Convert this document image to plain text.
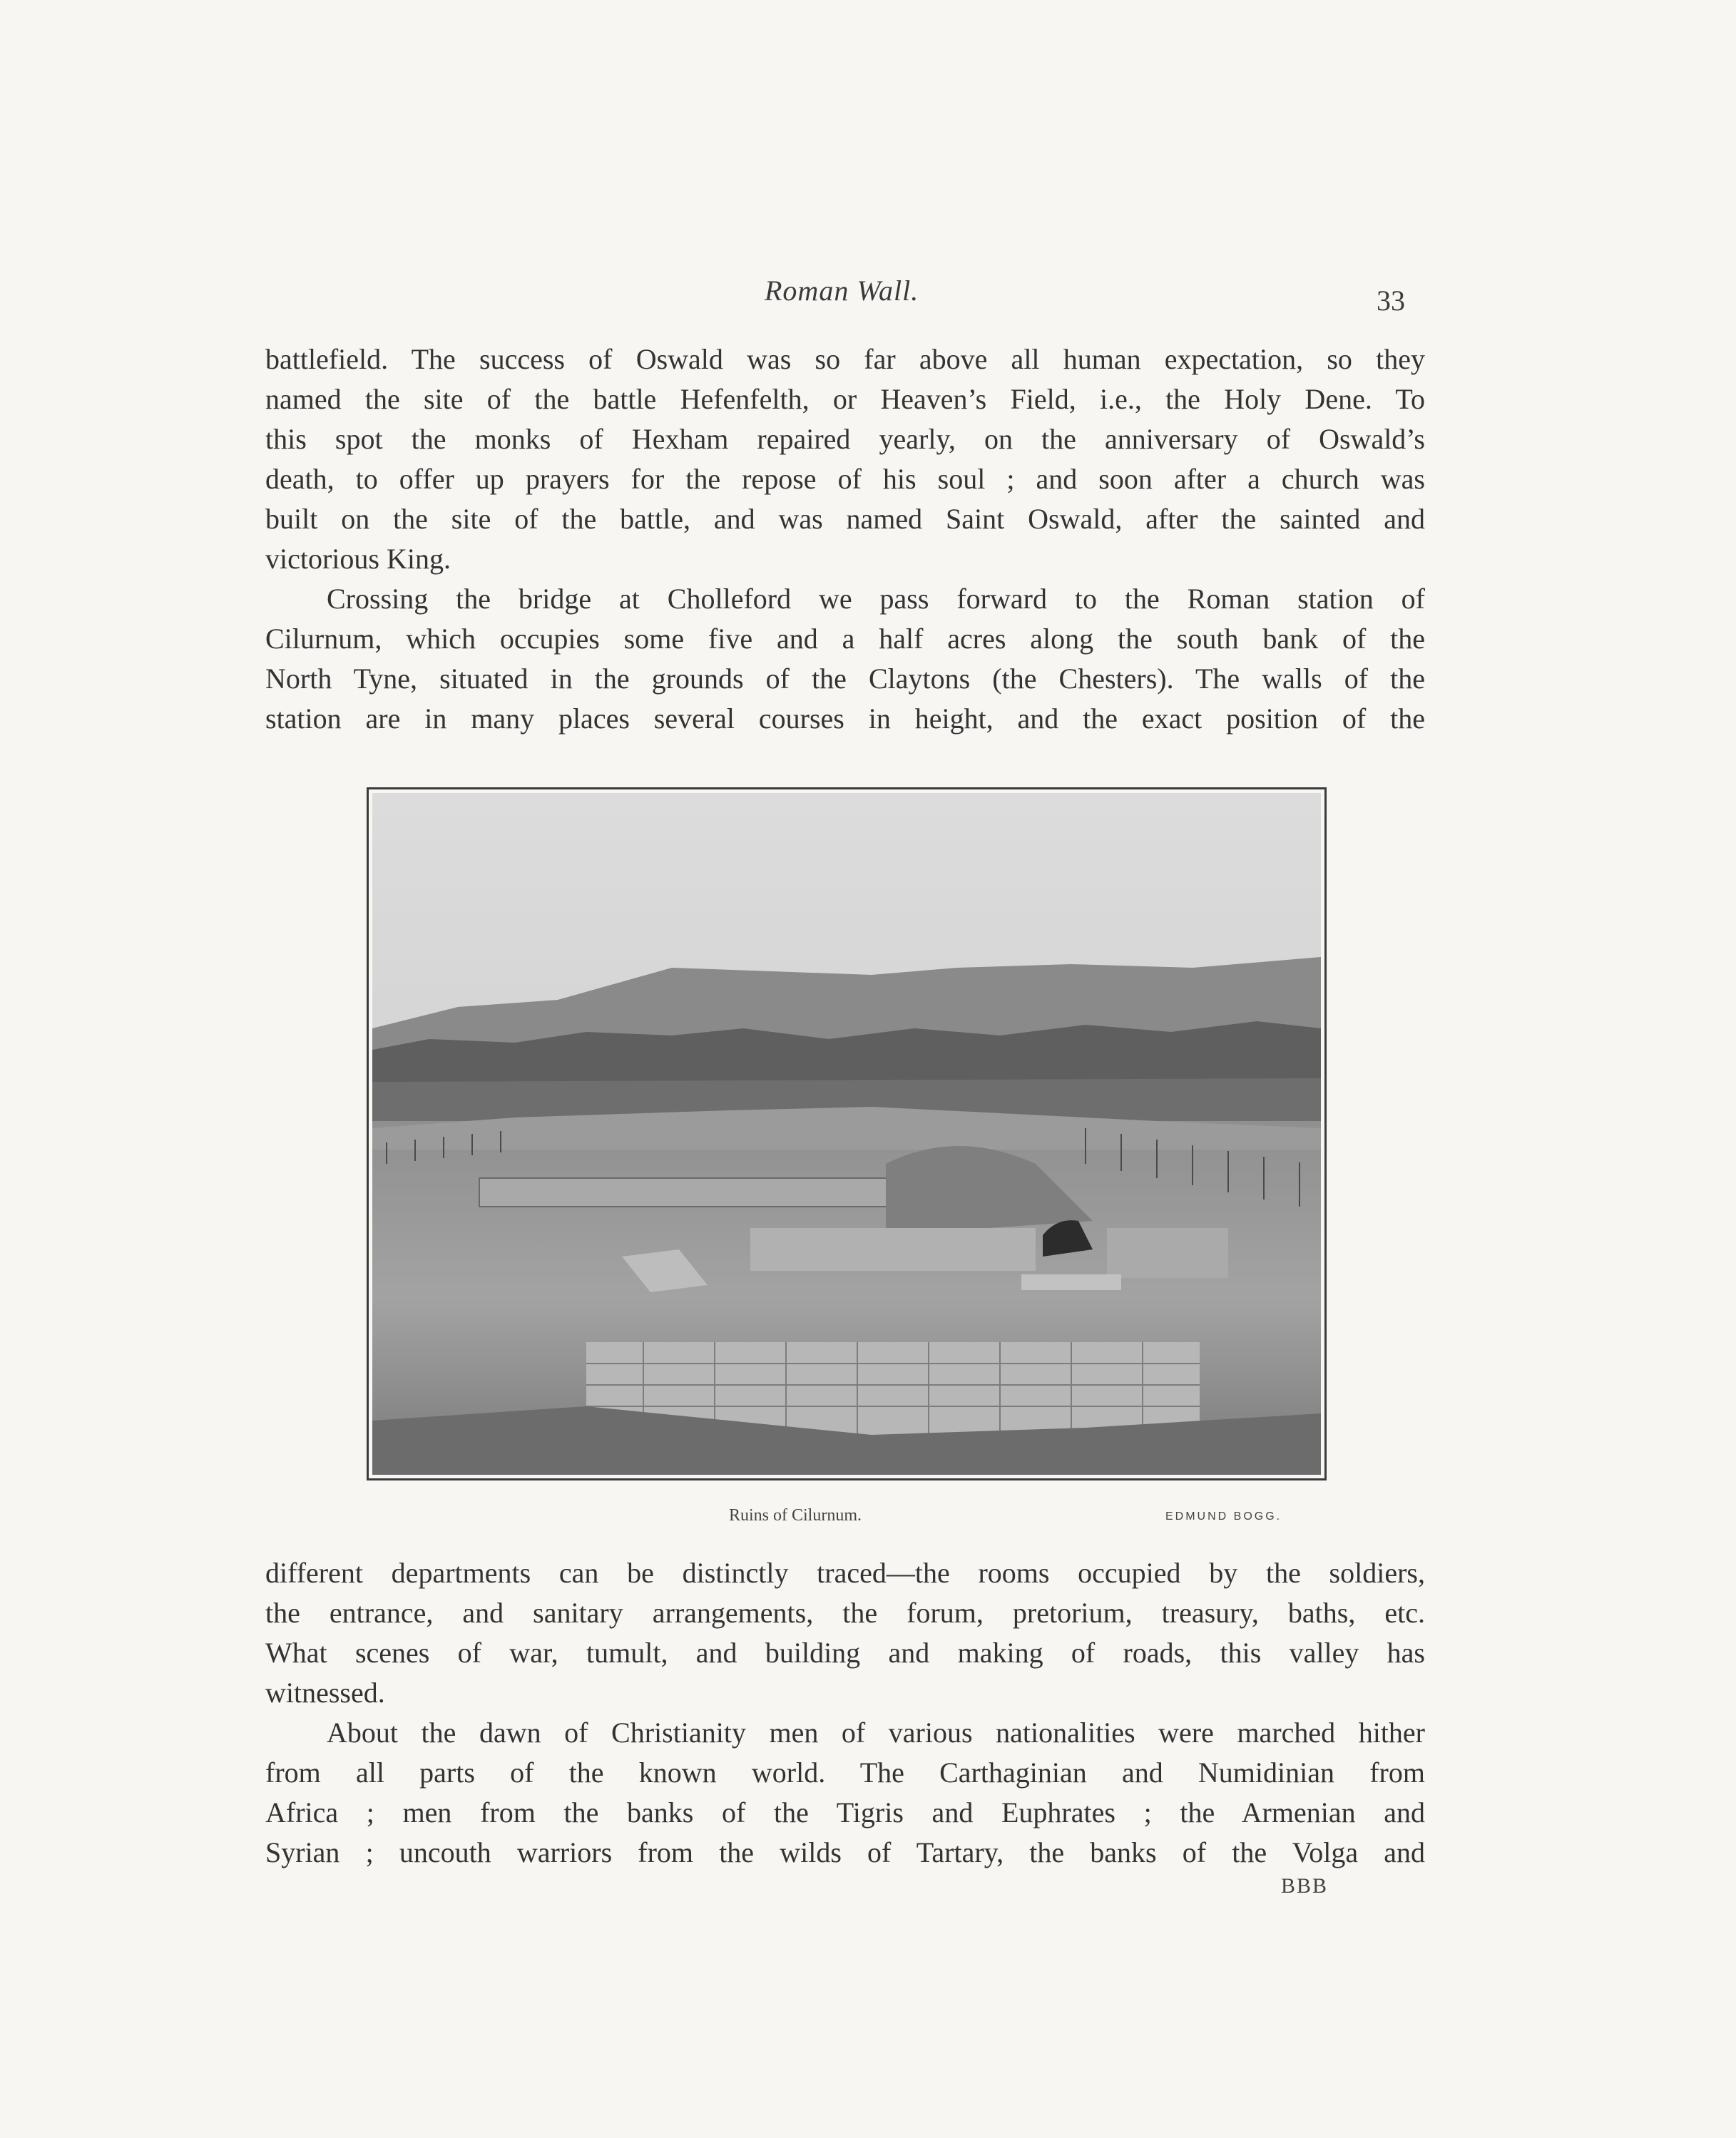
Roman Wall.	33
battlefield. The success of Oswald was so far above all human expectation, so they
named the site of the battle Hefenfelth, or Heaven’s Field, i.e., the Holy Dene. To
this spot the monks of Hexham repaired yearly, on the anniversary of Oswald’s
death, to offer up prayers for the repose of his soul ; and soon after a church was
built on the site of the battle, and was named Saint Oswald, after the sainted and
victorious King.
Crossing the bridge at Cholleford we pass forward to the Roman station of
Cilurnum, which occupies some five and a half acres along the south bank of the
North Tyne, situated in the grounds of the Claytons (the Chesters). The walls of the
station are in many places several courses in height, and the exact position of the
Ruins of Cilurnum.	EDMUND BOGG.
different departments can be distinctly traced—the rooms occupied by the soldiers,
the entrance, and sanitary arrangements, the forum, pretorium, treasury, baths, etc.
What scenes of war, tumult, and building and making of roads, this valley has
witnessed.
About the dawn of Christianity men of various nationalities were marched hither
from all parts of the known world. The Carthaginian and Numidinian from
Africa ; men from the banks of the Tigris and Euphrates ; the Armenian and
Syrian ; uncouth warriors from the wilds of Tartary, the banks of the Volga and
BBB
